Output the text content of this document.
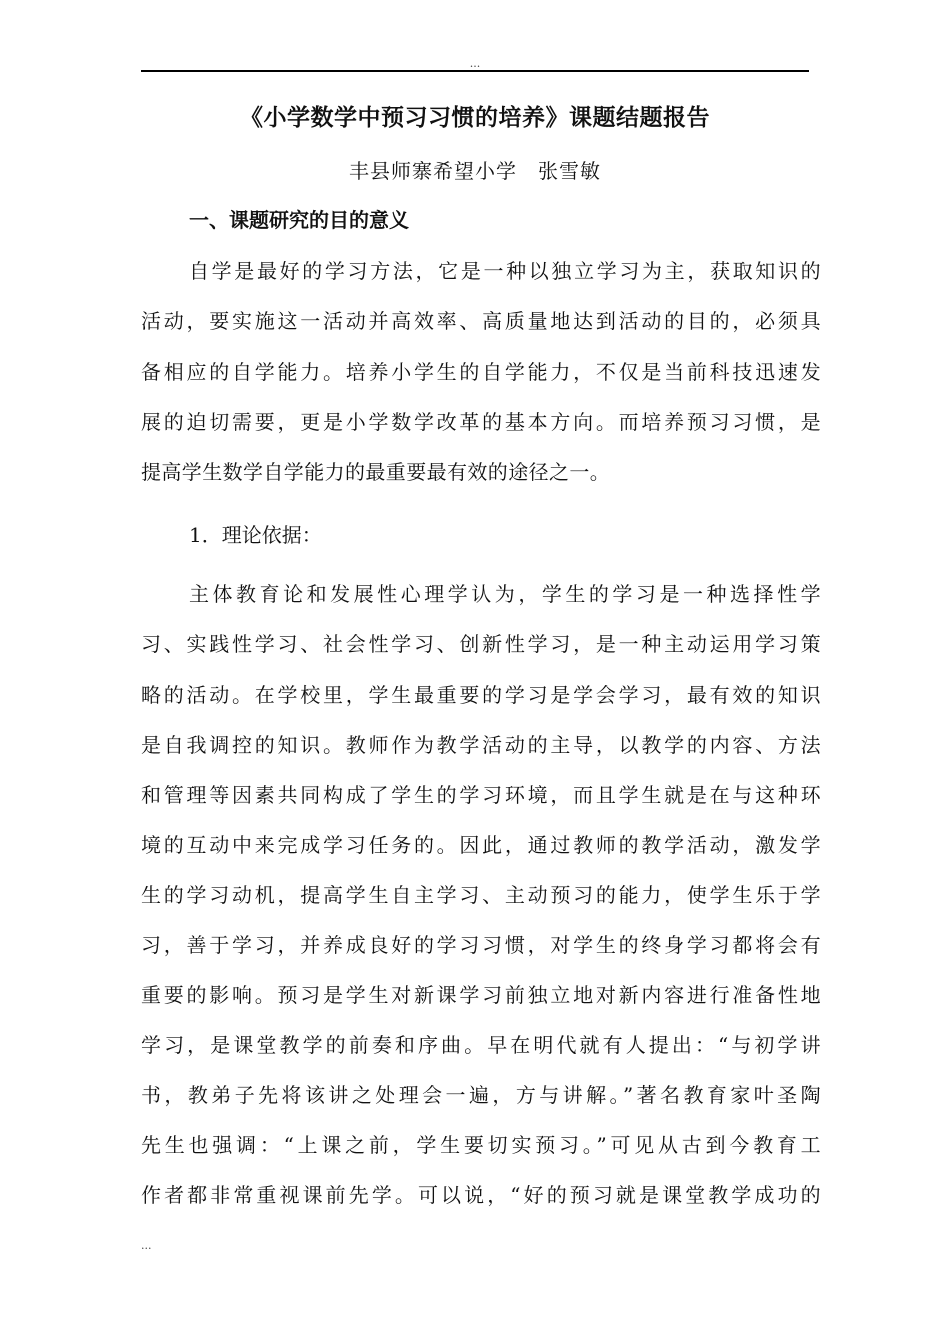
...
《小学数学中预习习惯的培养》课题结题报告
丰县师寨希望小学　张雪敏
一、课题研究的目的意义
自学是最好的学习方法，它是一种以独立学习为主，获取知识的
活动，要实施这一活动并高效率、高质量地达到活动的目的，必须具
备相应的自学能力。培养小学生的自学能力，不仅是当前科技迅速发
展的迫切需要，更是小学数学改革的基本方向。而培养预习习惯，是
提高学生数学自学能力的最重要最有效的途径之一。
1．理论依据：
主体教育论和发展性心理学认为，学生的学习是一种选择性学
习、实践性学习、社会性学习、创新性学习，是一种主动运用学习策
略的活动。在学校里，学生最重要的学习是学会学习，最有效的知识
是自我调控的知识。教师作为教学活动的主导，以教学的内容、方法
和管理等因素共同构成了学生的学习环境，而且学生就是在与这种环
境的互动中来完成学习任务的。因此，通过教师的教学活动，激发学
生的学习动机，提高学生自主学习、主动预习的能力，使学生乐于学
习，善于学习，并养成良好的学习习惯，对学生的终身学习都将会有
重要的影响。预习是学生对新课学习前独立地对新内容进行准备性地
学习，是课堂教学的前奏和序曲。早在明代就有人提出：“与初学讲
书，教弟子先将该讲之处理会一遍，方与讲解。”著名教育家叶圣陶
先生也强调：“上课之前，学生要切实预习。”可见从古到今教育工
作者都非常重视课前先学。可以说，“好的预习就是课堂教学成功的
...
